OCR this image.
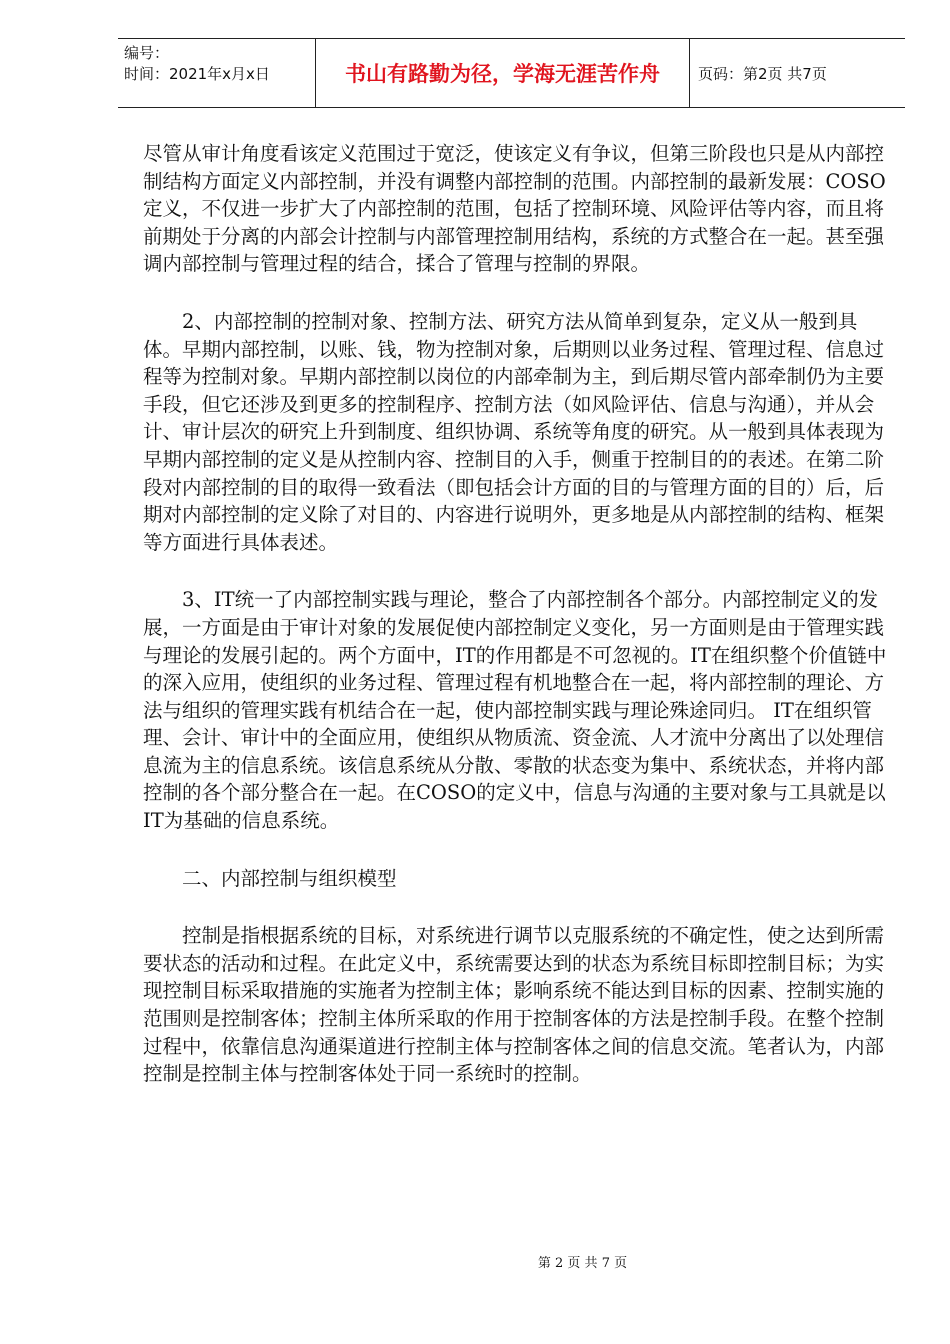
编号：
时间：2021年x月x日	书山有路勤为径，学海无涯苦作舟	页码：第2页 共7页

尽管从审计角度看该定义范围过于宽泛，使该定义有争议，但第三阶段也只是从内部控制结构方面定义内部控制，并没有调整内部控制的范围。内部控制的最新发展：COSO定义，不仅进一步扩大了内部控制的范围，包括了控制环境、风险评估等内容，而且将前期处于分离的内部会计控制与内部管理控制用结构，系统的方式整合在一起。甚至强调内部控制与管理过程的结合，揉合了管理与控制的界限。

2、内部控制的控制对象、控制方法、研究方法从简单到复杂，定义从一般到具体。早期内部控制，以账、钱，物为控制对象，后期则以业务过程、管理过程、信息过程等为控制对象。早期内部控制以岗位的内部牵制为主，到后期尽管内部牵制仍为主要手段，但它还涉及到更多的控制程序、控制方法（如风险评估、信息与沟通），并从会计、审计层次的研究上升到制度、组织协调、系统等角度的研究。从一般到具体表现为早期内部控制的定义是从控制内容、控制目的入手，侧重于控制目的的表述。在第二阶段对内部控制的目的取得一致看法（即包括会计方面的目的与管理方面的目的）后，后期对内部控制的定义除了对目的、内容进行说明外，更多地是从内部控制的结构、框架等方面进行具体表述。

3、IT统一了内部控制实践与理论，整合了内部控制各个部分。内部控制定义的发展，一方面是由于审计对象的发展促使内部控制定义变化，另一方面则是由于管理实践与理论的发展引起的。两个方面中，IT的作用都是不可忽视的。IT在组织整个价值链中的深入应用，使组织的业务过程、管理过程有机地整合在一起，将内部控制的理论、方法与组织的管理实践有机结合在一起，使内部控制实践与理论殊途同归。 IT在组织管理、会计、审计中的全面应用，使组织从物质流、资金流、人才流中分离出了以处理信息流为主的信息系统。该信息系统从分散、零散的状态变为集中、系统状态，并将内部控制的各个部分整合在一起。在COSO的定义中，信息与沟通的主要对象与工具就是以IT为基础的信息系统。

二、内部控制与组织模型

控制是指根据系统的目标，对系统进行调节以克服系统的不确定性，使之达到所需要状态的活动和过程。在此定义中，系统需要达到的状态为系统目标即控制目标；为实现控制目标采取措施的实施者为控制主体；影响系统不能达到目标的因素、控制实施的范围则是控制客体；控制主体所采取的作用于控制客体的方法是控制手段。在整个控制过程中，依靠信息沟通渠道进行控制主体与控制客体之间的信息交流。笔者认为，内部控制是控制主体与控制客体处于同一系统时的控制。

第 2 页 共 7 页
